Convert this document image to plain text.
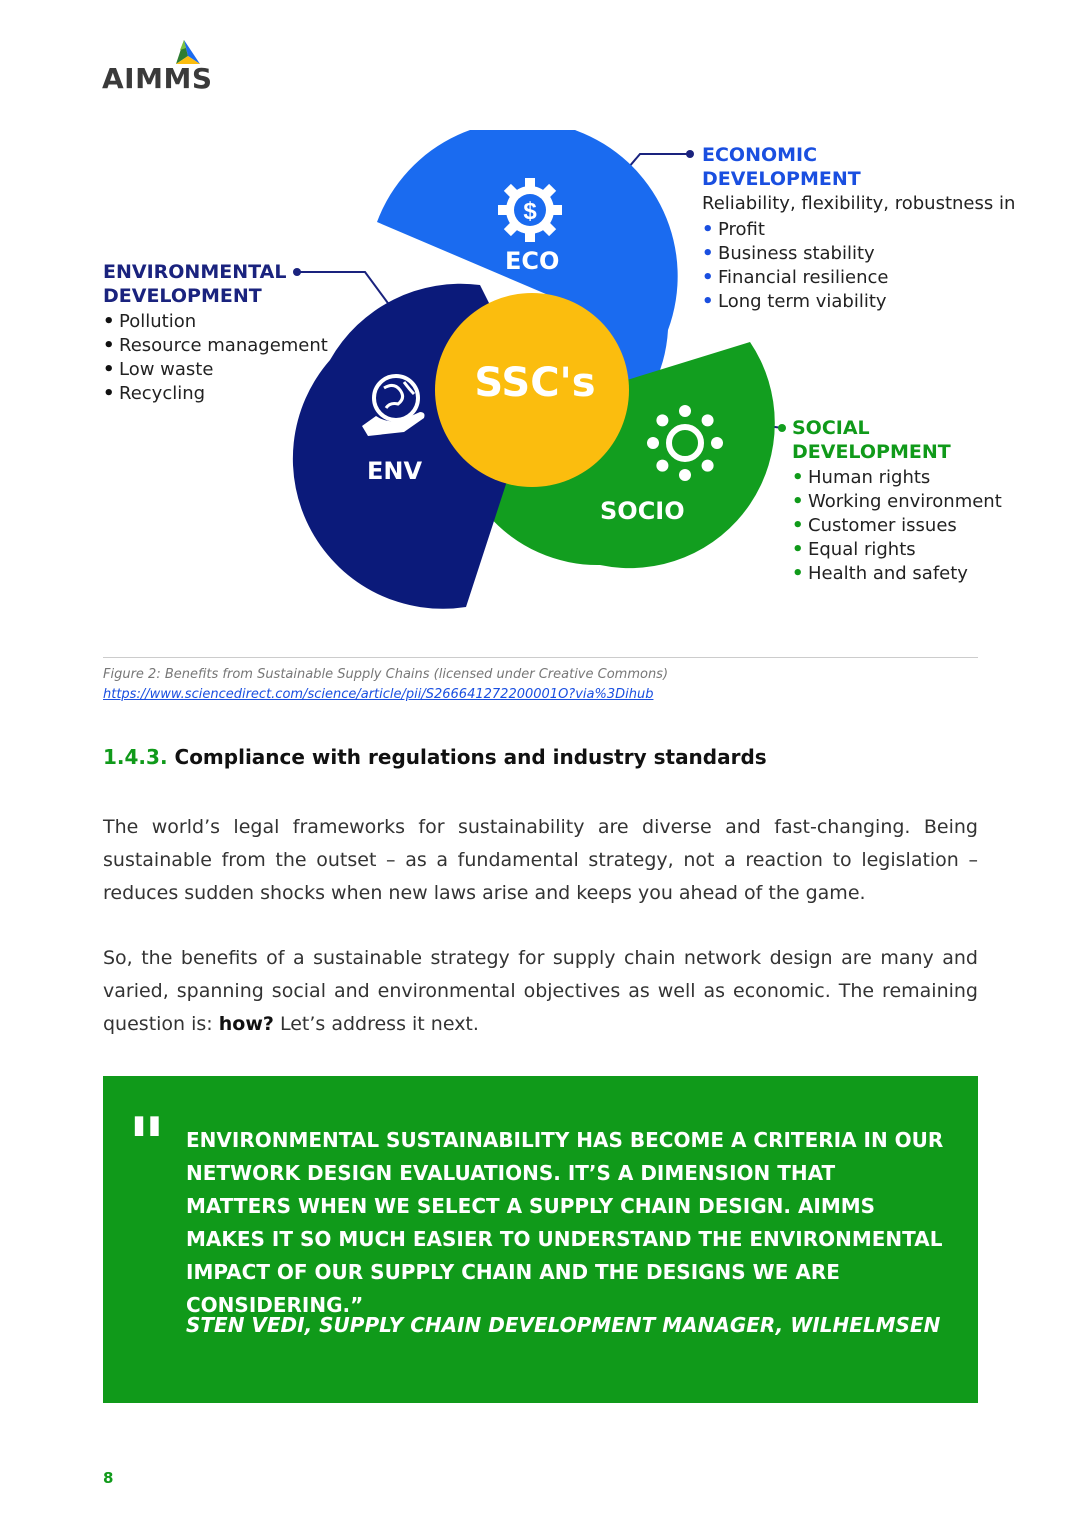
AIMMS
$
ECO
ENV
SOCIO
SSC's
ENVIRONMENTAL
DEVELOPMENT
• Pollution
• Resource management
• Low waste
• Recycling
ECONOMIC
DEVELOPMENT
Reliability, flexibility, robustness in
• Profit
• Business stability
• Financial resilience
• Long term viability
SOCIAL
DEVELOPMENT
• Human rights
• Working environment
• Customer issues
• Equal rights
• Health and safety
Figure 2: Benefits from Sustainable Supply Chains (licensed under Creative Commons)
https://www.sciencedirect.com/science/article/pii/S266641272200001O?via%3Dihub
1.4.3. Compliance with regulations and industry standards

The world’s legal frameworks for sustainability are diverse and fast-changing. Being sustainable from the outset – as a fundamental strategy, not a reaction to legislation – reduces sudden shocks when new laws arise and keeps you ahead of the game.

So, the benefits of a sustainable strategy for supply chain network design are many and varied, spanning social and environmental objectives as well as economic. The remaining question is: how? Let’s address it next.

" ENVIRONMENTAL SUSTAINABILITY HAS BECOME A CRITERIA IN OUR NETWORK DESIGN EVALUATIONS. IT’S A DIMENSION THAT MATTERS WHEN WE SELECT A SUPPLY CHAIN DESIGN. AIMMS MAKES IT SO MUCH EASIER TO UNDERSTAND THE ENVIRONMENTAL IMPACT OF OUR SUPPLY CHAIN AND THE DESIGNS WE ARE CONSIDERING.”
STEN VEDI, SUPPLY CHAIN DEVELOPMENT MANAGER, WILHELMSEN
8
